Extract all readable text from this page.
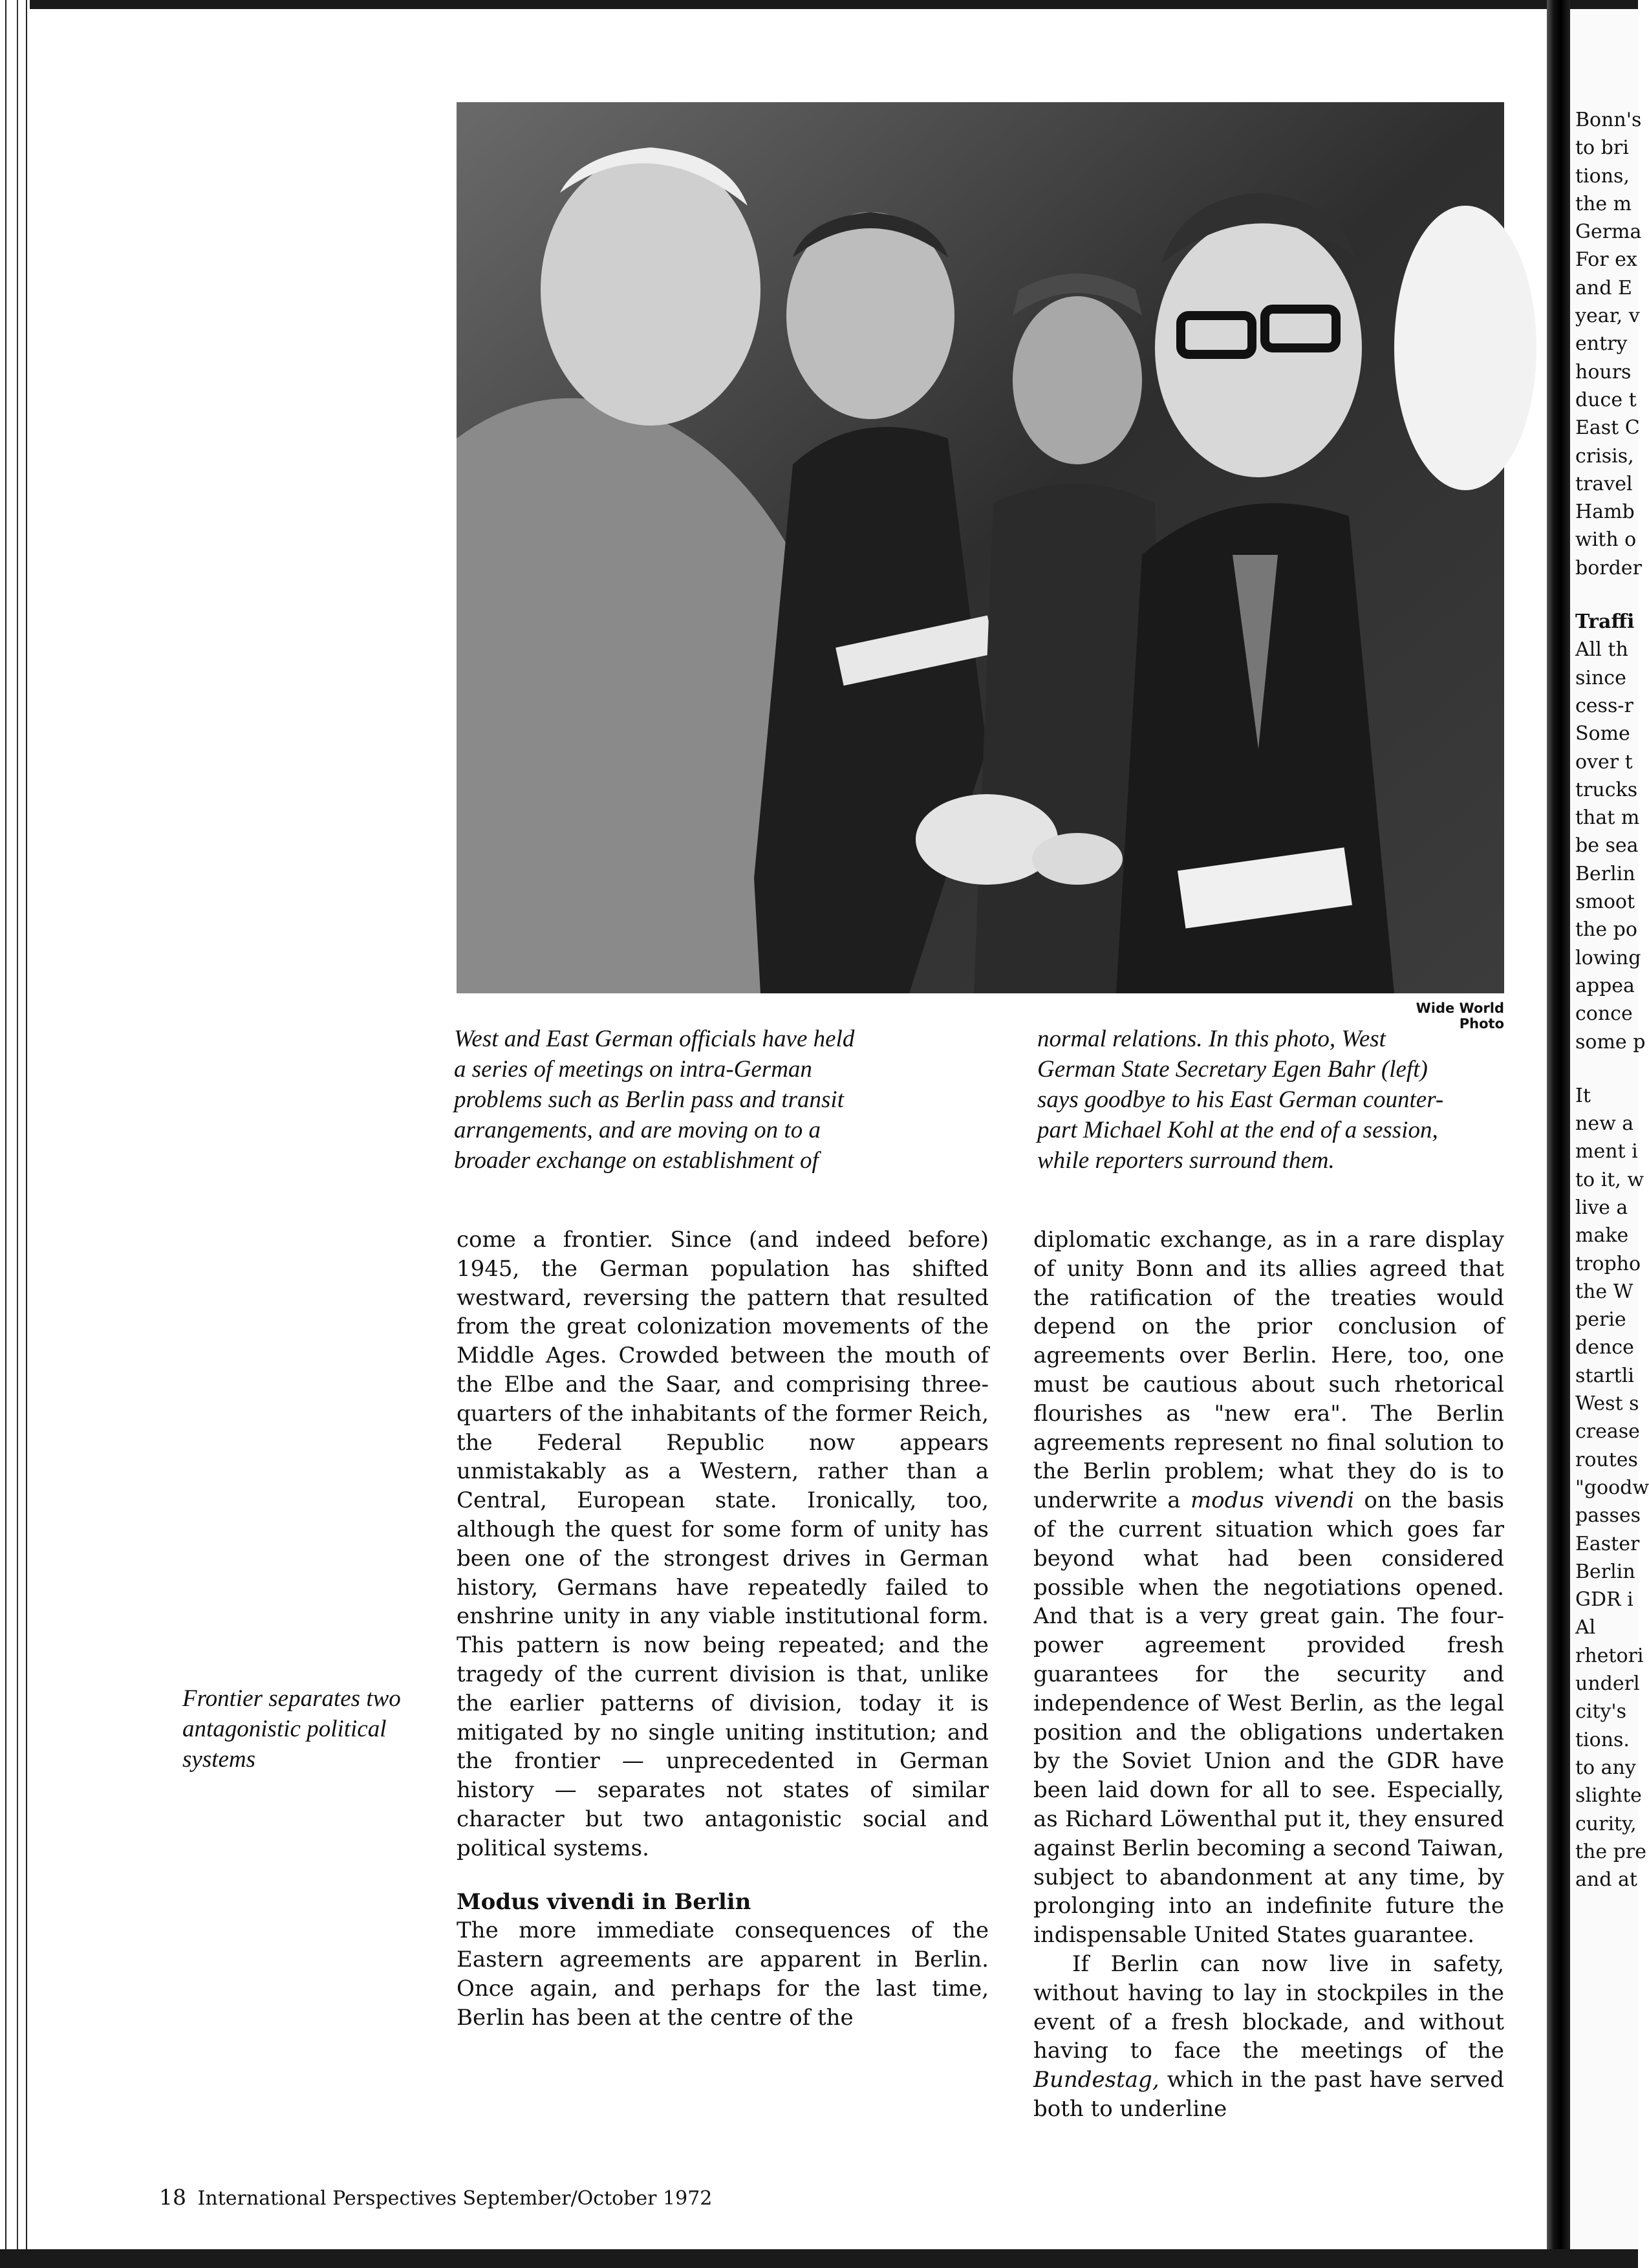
Wide World Photo
West and East German officials have held
a series of meetings on intra-German
problems such as Berlin pass and transit
arrangements, and are moving on to a
broader exchange on establishment of
normal relations. In this photo, West
German State Secretary Egen Bahr (left)
says goodbye to his East German counter-
part Michael Kohl at the end of a session,
while reporters surround them.
Frontier separates two antagonistic political systems

come a frontier. Since (and indeed before) 1945, the German population has shifted westward, reversing the pattern that resulted from the great colonization movements of the Middle Ages. Crowded between the mouth of the Elbe and the Saar, and comprising three-quarters of the inhabitants of the former Reich, the Federal Republic now appears unmistakably as a Western, rather than a Central, European state. Ironically, too, although the quest for some form of unity has been one of the strongest drives in German history, Germans have repeatedly failed to enshrine unity in any viable institutional form. This pattern is now being repeated; and the tragedy of the current division is that, unlike the earlier patterns of division, today it is mitigated by no single uniting institution; and the frontier — unprecedented in German history — separates not states of similar character but two antagonistic social and political systems.

Modus vivendi in Berlin

The more immediate consequences of the Eastern agreements are apparent in Berlin. Once again, and perhaps for the last time, Berlin has been at the centre of the

diplomatic exchange, as in a rare display of unity Bonn and its allies agreed that the ratification of the treaties would depend on the prior conclusion of agreements over Berlin. Here, too, one must be cautious about such rhetorical flourishes as "new era". The Berlin agreements represent no final solution to the Berlin problem; what they do is to underwrite a modus vivendi on the basis of the current situation which goes far beyond what had been considered possible when the negotiations opened. And that is a very great gain. The four-power agreement provided fresh guarantees for the security and independence of West Berlin, as the legal position and the obligations undertaken by the Soviet Union and the GDR have been laid down for all to see. Especially, as Richard Löwenthal put it, they ensured against Berlin becoming a second Taiwan, subject to abandonment at any time, by prolonging into an indefinite future the indispensable United States guarantee.

If Berlin can now live in safety, without having to lay in stockpiles in the event of a fresh blockade, and without having to face the meetings of the Bundestag, which in the past have served both to underline

18 International Perspectives September/October 1972
Bonn's
to bri
tions,
the m
Germa
For ex
and E
year, v
entry
hours
duce t
East C
crisis,
travel
Hamb
with o
border
Traffi
All th
since
cess-r
Some
over t
trucks
that m
be sea
Berlin
smoot
the po
lowing
appea
conce
some p
It
new a
ment i
to it, w
live a
make
tropho
the W
perie
dence
startli
West s
crease
routes
"goodw
passes
Easter
Berlin
GDR i
Al
rhetori
underl
city's
tions.
to any
slighte
curity,
the pre
and at
